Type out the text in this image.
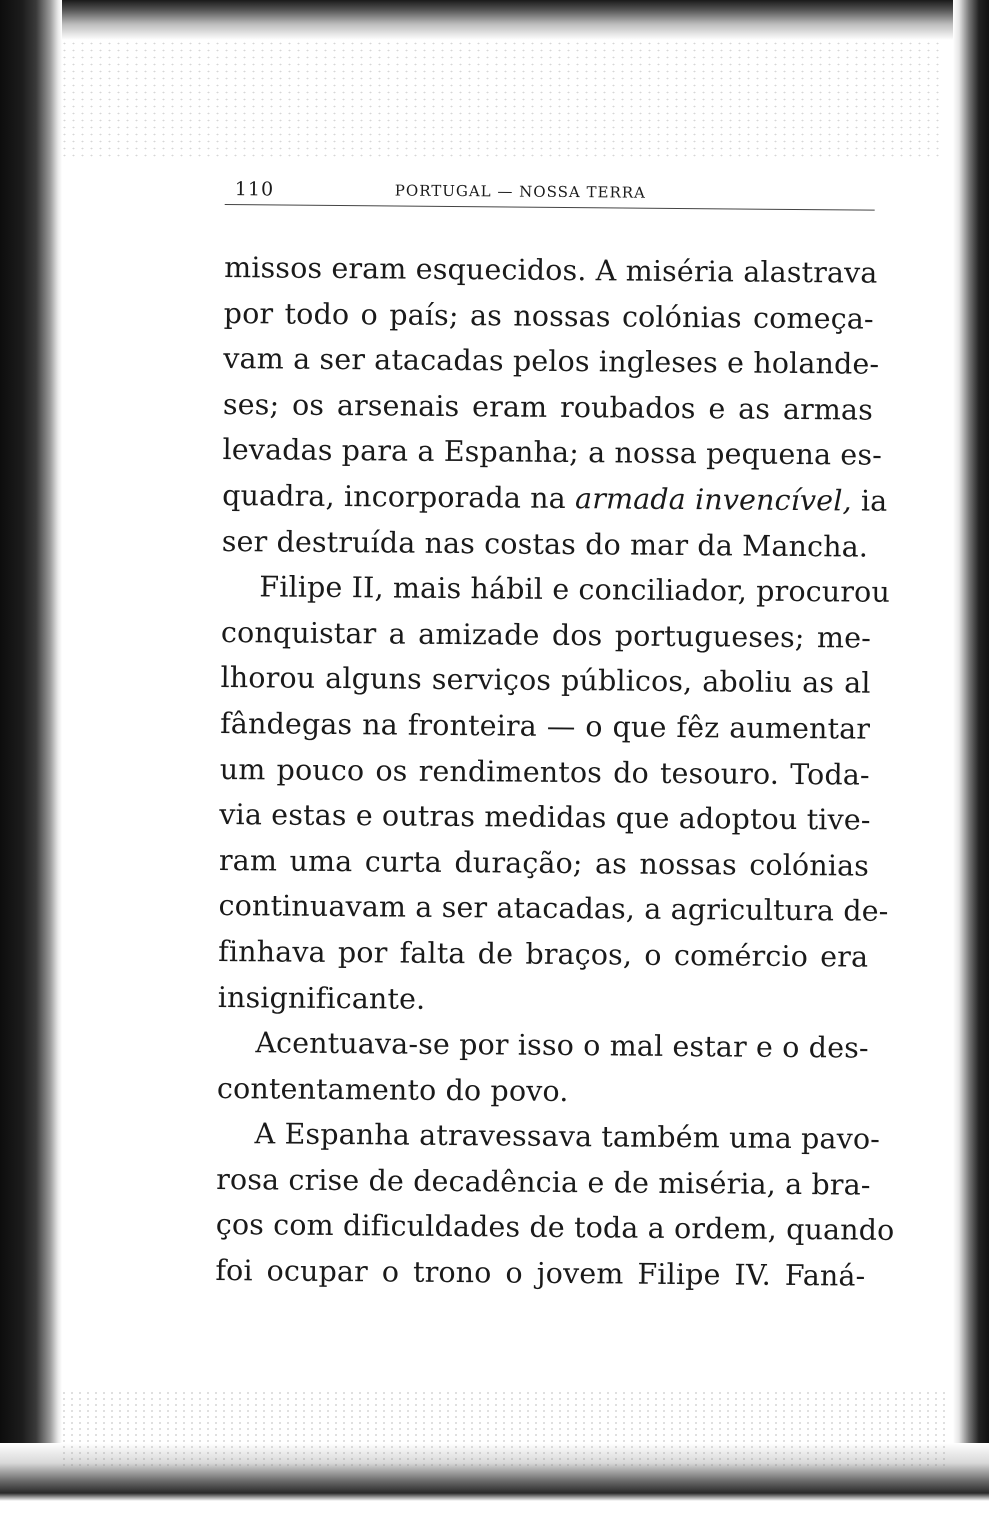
110	PORTUGAL — NOSSA TERRA
missos eram esquecidos. A miséria alastrava
por todo o país; as nossas colónias começa-
vam a ser atacadas pelos ingleses e holande-
ses; os arsenais eram roubados e as armas
levadas para a Espanha; a nossa pequena es-
quadra, incorporada na armada invencível, ia
ser destruída nas costas do mar da Mancha.
Filipe II, mais hábil e conciliador, procurou
conquistar a amizade dos portugueses; me-
lhorou alguns serviços públicos, aboliu as al
fândegas na fronteira — o que fêz aumentar
um pouco os rendimentos do tesouro. Toda-
via estas e outras medidas que adoptou tive-
ram uma curta duração; as nossas colónias
continuavam a ser atacadas, a agricultura de-
finhava por falta de braços, o comércio era
insignificante.
Acentuava-se por isso o mal estar e o des-
contentamento do povo.
A Espanha atravessava também uma pavo-
rosa crise de decadência e de miséria, a bra-
ços com dificuldades de toda a ordem, quando
foi ocupar o trono o jovem Filipe IV. Faná-
